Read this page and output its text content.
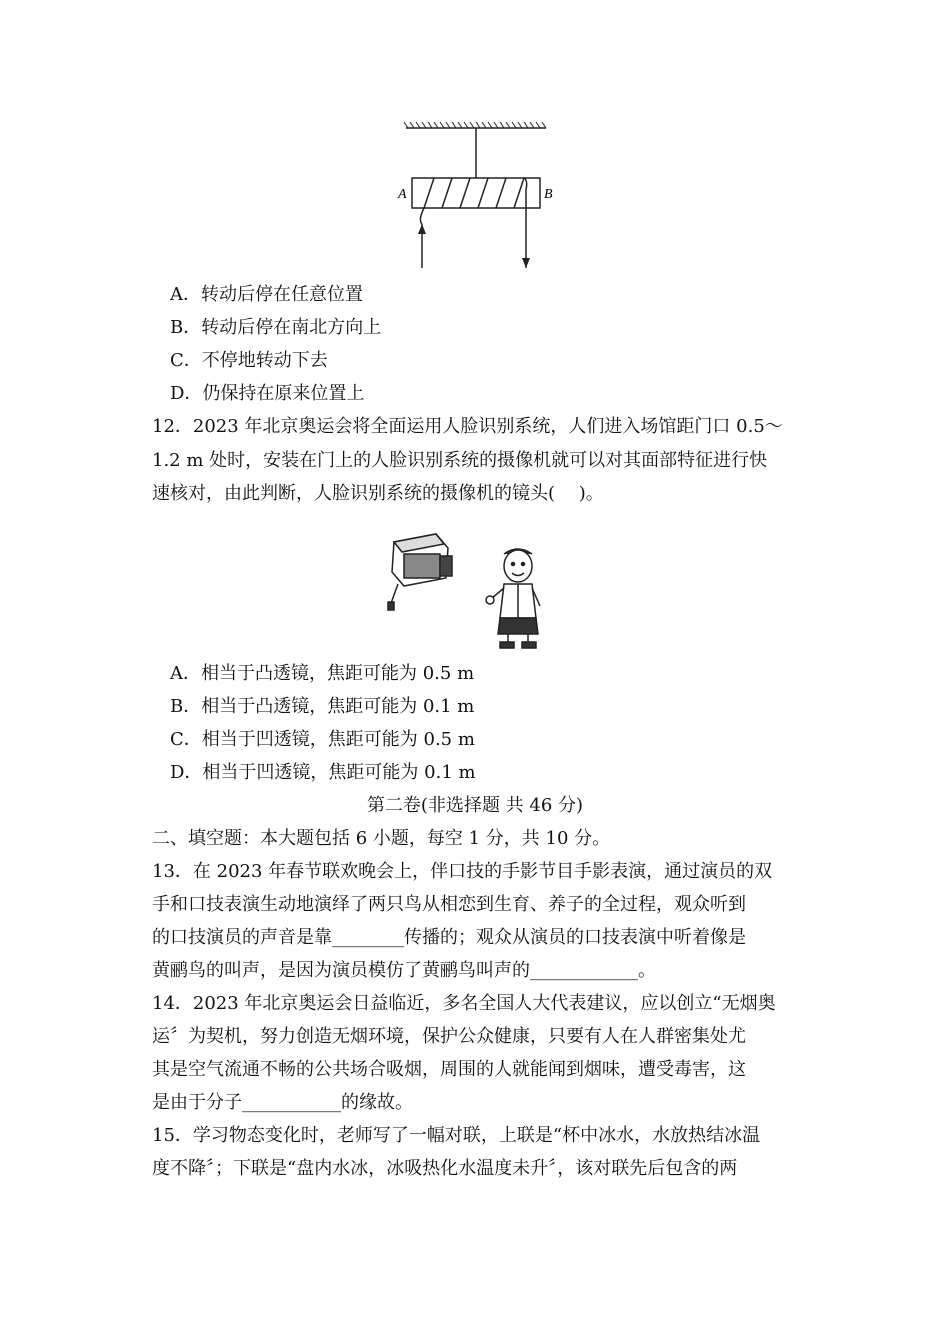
A	B
A．转动后停在任意位置
B．转动后停在南北方向上
C．不停地转动下去
D．仍保持在原来位置上
12．2023 年北京奥运会将全面运用人脸识别系统，人们进入场馆距门口 0.5～
1.2 m 处时，安装在门上的人脸识别系统的摄像机就可以对其面部特征进行快
速核对，由此判断，人脸识别系统的摄像机的镜头(　 )。
A．相当于凸透镜，焦距可能为 0.5 m
B．相当于凸透镜，焦距可能为 0.1 m
C．相当于凹透镜，焦距可能为 0.5 m
D．相当于凹透镜，焦距可能为 0.1 m
第二卷(非选择题 共 46 分)
二、填空题：本大题包括 6 小题，每空 1 分，共 10 分。
13．在 2023 年春节联欢晚会上，伴口技的手影节目手影表演，通过演员的双
手和口技表演生动地演绎了两只鸟从相恋到生育、养子的全过程，观众听到
的口技演员的声音是靠________传播的；观众从演员的口技表演中听着像是
黄鹂鸟的叫声，是因为演员模仿了黄鹂鸟叫声的____________。
14．2023 年北京奥运会日益临近，多名全国人大代表建议，应以创立“无烟奥
运〞为契机，努力创造无烟环境，保护公众健康，只要有人在人群密集处尤
其是空气流通不畅的公共场合吸烟，周围的人就能闻到烟味，遭受毒害，这
是由于分子___________的缘故。
15．学习物态变化时，老师写了一幅对联，上联是“杯中冰水，水放热结冰温
度不降〞；下联是“盘内水冰，冰吸热化水温度未升〞，该对联先后包含的两
